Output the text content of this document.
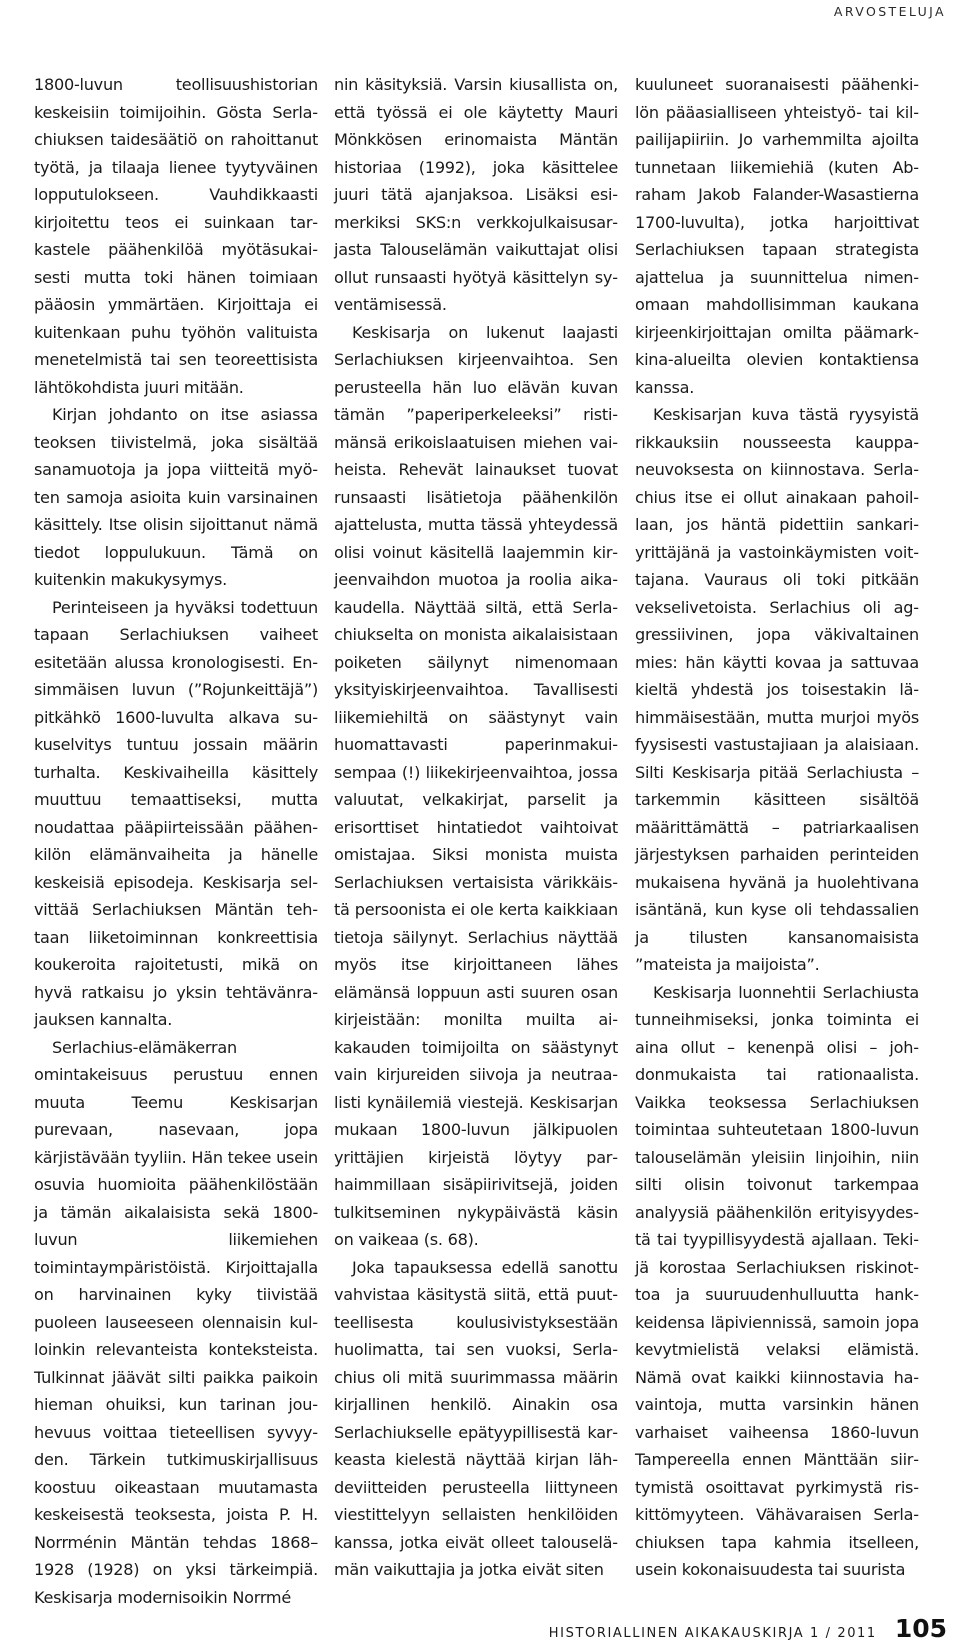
ARVOSTELUJA

1800-luvun teollisuushistorian keskeisiin toimijoihin. Gösta Serlachiuksen taidesäätiö on rahoittanut työtä, ja tilaaja lienee tyytyväinen lopputulokseen. Vauhdikkaasti kirjoitettu teos ei suinkaan tarkastele päähenkilöä myötäsukaisesti mutta toki hänen toimiaan pääosin ymmärtäen. Kirjoittaja ei kuitenkaan puhu työhön valituista menetelmistä tai sen teoreettisista lähtökohdista juuri mitään.

Kirjan johdanto on itse asiassa teoksen tiivistelmä, joka sisältää sanamuotoja ja jopa viitteitä myöten samoja asioita kuin varsinainen käsittely. Itse olisin sijoittanut nämä tiedot loppulukuun. Tämä on kuitenkin makukysymys.

Perinteiseen ja hyväksi todettuun tapaan Serlachiuksen vaiheet esitetään alussa kronologisesti. Ensimmäisen luvun (”Rojunkeittäjä”) pitkähkö 1600-luvulta alkava sukuselvitys tuntuu jossain määrin turhalta. Keskivaiheilla käsittely muuttuu temaattiseksi, mutta noudattaa pääpiirteissään päähenkilön elämänvaiheita ja hänelle keskeisiä episodeja. Keskisarja selvittää Serlachiuksen Mäntän tehtaan liiketoiminnan konkreettisia koukeroita rajoitetusti, mikä on hyvä ratkaisu jo yksin tehtävänrajauksen kannalta.

Serlachius-elämäkerran omintakeisuus perustuu ennen muuta Teemu Keskisarjan purevaan, nasevaan, jopa kärjistävään tyyliin. Hän tekee usein osuvia huomioita päähenkilöstään ja tämän aikalaisista sekä 1800-luvun liikemiehen toimintaympäristöistä. Kirjoittajalla on harvinainen kyky tiivistää puoleen lauseeseen olennaisin kulloinkin relevanteista konteksteista. Tulkinnat jäävät silti paikka paikoin hieman ohuiksi, kun tarinan jouhevuus voittaa tieteellisen syvyyden. Tärkein tutkimuskirjallisuus koostuu oikeastaan muutamasta keskeisestä teoksesta, joista P. H. Norrménin Mäntän tehdas 1868–1928 (1928) on yksi tärkeimpiä. Keskisarja modernisoikin Norrmé

nin käsityksiä. Varsin kiusallista on, että työssä ei ole käytetty Mauri Mönkkösen erinomaista Mäntän historiaa (1992), joka käsittelee juuri tätä ajanjaksoa. Lisäksi esimerkiksi SKS:n verkkojulkaisusarjasta Talouselämän vaikuttajat olisi ollut runsaasti hyötyä käsittelyn syventämisessä.

Keskisarja on lukenut laajasti Serlachiuksen kirjeenvaihtoa. Sen perusteella hän luo elävän kuvan tämän ”paperiperkeleeksi” ristimänsä erikoislaatuisen miehen vaiheista. Rehevät lainaukset tuovat runsaasti lisätietoja päähenkilön ajattelusta, mutta tässä yhteydessä olisi voinut käsitellä laajemmin kirjeenvaihdon muotoa ja roolia aikakaudella. Näyttää siltä, että Serlachiukselta on monista aikalaisistaan poiketen säilynyt nimenomaan yksityiskirjeenvaihtoa. Tavallisesti liikemiehiltä on säästynyt vain huomattavasti paperinmakuisempaa (!) liikekirjeenvaihtoa, jossa valuutat, velkakirjat, parselit ja erisorttiset hintatiedot vaihtoivat omistajaa. Siksi monista muista Serlachiuksen vertaisista värikkäistä persoonista ei ole kerta kaikkiaan tietoja säilynyt. Serlachius näyttää myös itse kirjoittaneen lähes elämänsä loppuun asti suuren osan kirjeistään: monilta muilta aikakauden toimijoilta on säästynyt vain kirjureiden siivoja ja neutraalisti kynäilemiä viestejä. Keskisarjan mukaan 1800-luvun jälkipuolen yrittäjien kirjeistä löytyy parhaimmillaan sisäpiirivitsejä, joiden tulkitseminen nykypäivästä käsin on vaikeaa (s. 68).

Joka tapauksessa edellä sanottu vahvistaa käsitystä siitä, että puutteellisesta koulusivistyksestään huolimatta, tai sen vuoksi, Serlachius oli mitä suurimmassa määrin kirjallinen henkilö. Ainakin osa Serlachiukselle epätyypillisestä karkeasta kielestä näyttää kirjan lähdeviitteiden perusteella liittyneen viestittelyyn sellaisten henkilöiden kanssa, jotka eivät olleet talouselämän vaikuttajia ja jotka eivät siten

kuuluneet suoranaisesti päähenkilön pääasialliseen yhteistyö- tai kilpailijapiiriin. Jo varhemmilta ajoilta tunnetaan liikemiehiä (kuten Abraham Jakob Falander-Wasastierna 1700-luvulta), jotka harjoittivat Serlachiuksen tapaan strategista ajattelua ja suunnittelua nimenomaan mahdollisimman kaukana kirjeenkirjoittajan omilta päämarkkina-alueilta olevien kontaktiensa kanssa.

Keskisarjan kuva tästä ryysyistä rikkauksiin nousseesta kauppaneuvoksesta on kiinnostava. Serlachius itse ei ollut ainakaan pahoillaan, jos häntä pidettiin sankariyrittäjänä ja vastoinkäymisten voittajana. Vauraus oli toki pitkään vekselivetoista. Serlachius oli aggressiivinen, jopa väkivaltainen mies: hän käytti kovaa ja sattuvaa kieltä yhdestä jos toisestakin lähimmäisestään, mutta murjoi myös fyysisesti vastustajiaan ja alaisiaan. Silti Keskisarja pitää Serlachiusta – tarkemmin käsitteen sisältöä määrittämättä – patriarkaalisen järjestyksen parhaiden perinteiden mukaisena hyvänä ja huolehtivana isäntänä, kun kyse oli tehdassalien ja tilusten kansanomaisista ”mateista ja maijoista”.

Keskisarja luonnehtii Serlachiusta tunneihmiseksi, jonka toiminta ei aina ollut – kenenpä olisi – johdonmukaista tai rationaalista. Vaikka teoksessa Serlachiuksen toimintaa suhteutetaan 1800-luvun talouselämän yleisiin linjoihin, niin silti olisin toivonut tarkempaa analyysiä päähenkilön erityisyydestä tai tyypillisyydestä ajallaan. Tekijä korostaa Serlachiuksen riskinottoa ja suuruudenhulluutta hankkeidensa läpiviennissä, samoin jopa kevytmielistä velaksi elämistä. Nämä ovat kaikki kiinnostavia havaintoja, mutta varsinkin hänen varhaiset vaiheensa 1860-luvun Tampereella ennen Mänttään siirtymistä osoittavat pyrkimystä riskittömyyteen. Vähävaraisen Serlachiuksen tapa kahmia itselleen, usein kokonaisuudesta tai suurista

HISTORIALLINEN AIKAKAUSKIRJA 1 / 2011 105
